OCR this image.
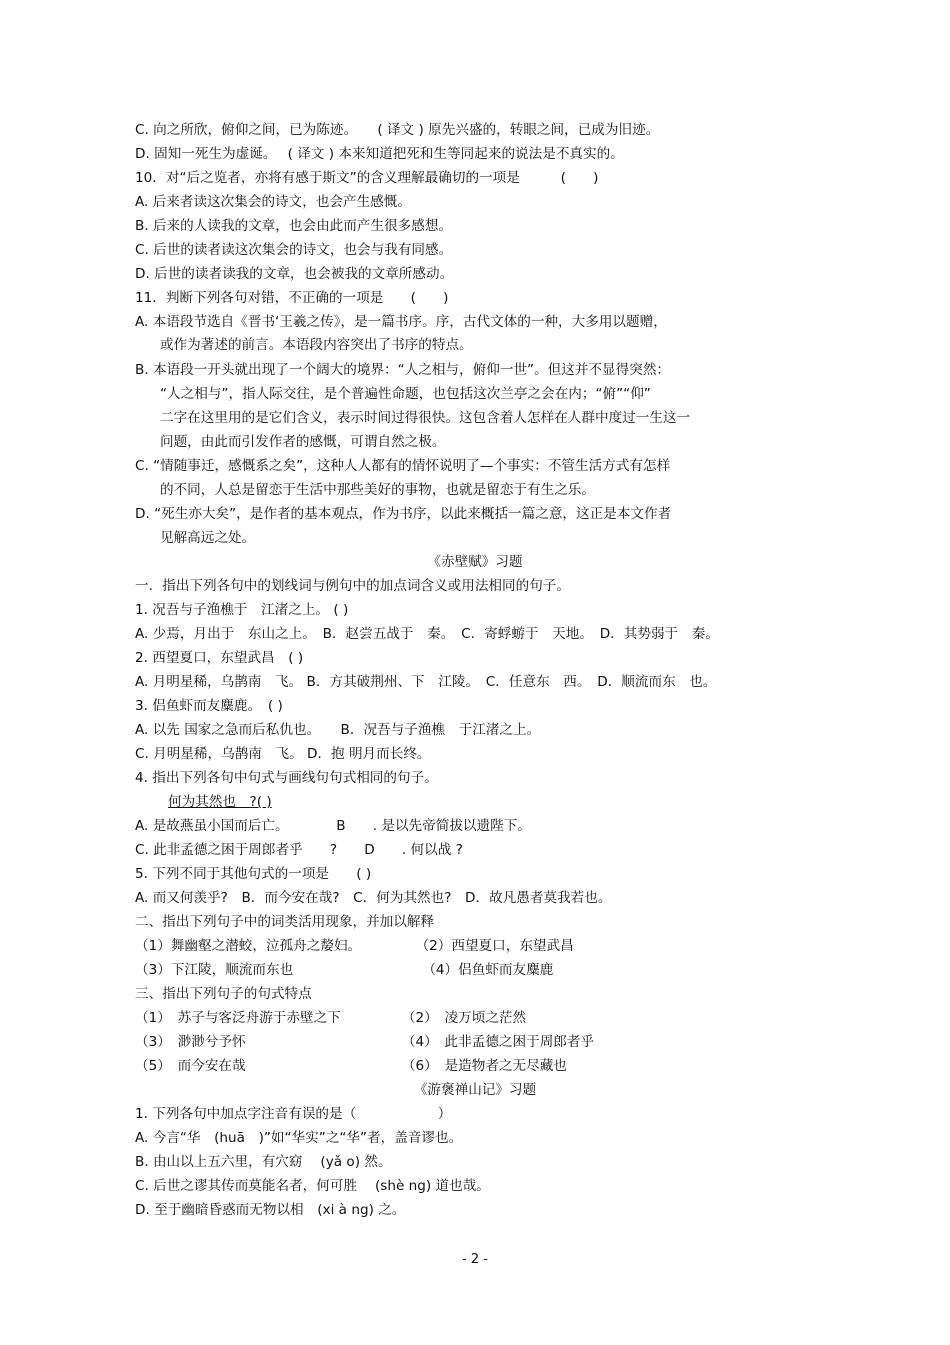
C. 向之所欣，俯仰之间，已为陈迹。　　( 译文 ) 原先兴盛的，转眼之间，已成为旧迹。
D. 固知一死生为虚诞。　 ( 译文 ) 本来知道把死和生等同起来的说法是不真实的。
10．对“后之览者，亦将有感于斯文”的含义理解最确切的一项是　　　(　　)
A. 后来者读这次集会的诗文，也会产生感慨。
B. 后来的人读我的文章，也会由此而产生很多感想。
C. 后世的读者读这次集会的诗文，也会与我有同感。
D. 后世的读者读我的文章，也会被我的文章所感动。
11．判断下列各句对错，不正确的一项是　　(　　)
A. 本语段节选自《晋书‘王羲之传》，是一篇书序。序，古代文体的一种，大多用以题赠，
或作为著述的前言。本语段内容突出了书序的特点。
B. 本语段一开头就出现了一个阔大的境界：“人之相与，俯仰一世”。但这并不显得突然：
“人之相与”，指人际交往，是个普遍性命题，也包括这次兰亭之会在内；“俯”“仰”
二字在这里用的是它们含义，表示时间过得很快。这包含着人怎样在人群中度过一生这一
问题，由此而引发作者的感慨，可谓自然之极。
C. “情随事迁，感慨系之矣”，这种人人都有的情怀说明了—个事实：不管生活方式有怎样
的不同，人总是留恋于生活中那些美好的事物，也就是留恋于有生之乐。
D. “死生亦大矣”，是作者的基本观点，作为书序，以此来概括一篇之意，这正是本文作者
见解高远之处。
《赤壁赋》习题
一．指出下列各句中的划线词与例句中的加点词含义或用法相同的句子。
1. 况吾与子渔樵于　江渚之上。 ( )
A. 少焉，月出于　东山之上。　B．赵尝五战于　秦。　C．寄蜉蝣于　天地。　D．其势弱于　秦。
2. 西望夏口，东望武昌　( )
A. 月明星稀，乌鹊南　飞。 B．方其破荆州、下　江陵。　C．任意东　西。　D．顺流而东　也。
3. 侣鱼虾而友麋鹿。　( )
A. 以先 国家之急而后私仇也。　　B．况吾与子渔樵　于江渚之上。
C. 月明星稀，乌鹊南　飞。 D．抱 明月而长终。
4. 指出下列各句中句式与画线句句式相同的句子。
何为其然也　?( )
A. 是故燕虽小国而后亡。　　　　B　　. 是以先帝简拔以遗陛下。
C. 此非孟德之困于周郎者乎　　?　　D　　. 何以战 ?
5. 下列不同于其他句式的一项是　　( )
A. 而又何羡乎?　B．而今安在哉?　C．何为其然也?　D．故凡愚者莫我若也。
二、指出下列句子中的词类活用现象，并加以解释
（1）舞幽壑之潜蛟，泣孤舟之嫠妇。　　　　　（2）西望夏口，东望武昌
（3）下江陵，顺流而东也　　　　　　　　　　（4）侣鱼虾而友麋鹿
三、指出下列句子的句式特点
（1）　苏子与客泛舟游于赤壁之下　　　　　（2）　凌万顷之茫然
（3）　渺渺兮予怀　　　　　　　　　　　　（4）　此非孟德之困于周郎者乎
（5）　而今安在哉　　　　　　　　　　　　（6）　是造物者之无尽藏也
《游褒禅山记》习题
1. 下列各句中加点字注音有误的是（　　　　　　）
A. 今言“华　(huā　)”如“华实”之“华”者，盖音谬也。
B. 由山以上五六里，有穴窈　 (yǎ o) 然。
C. 后世之谬其传而莫能名者，何可胜　 (shè ng) 道也哉。
D. 至于幽暗昏惑而无物以相　(xi à ng) 之。
- 2 -
